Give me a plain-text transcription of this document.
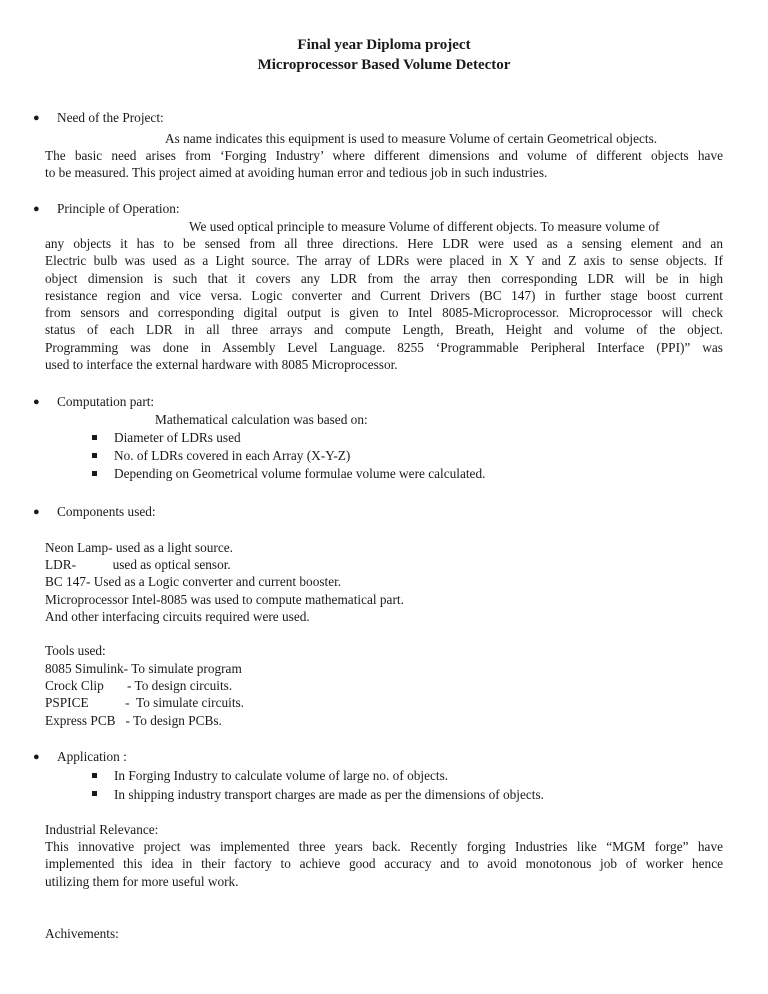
Final year Diploma project
Microprocessor Based Volume Detector
● Need of the Project:
As name indicates this equipment is used to measure Volume of certain Geometrical objects.
The basic need arises from ‘Forging Industry’ where different dimensions and volume of different objects have
to be measured. This project aimed at avoiding human error and tedious job in such industries.
● Principle of Operation:
We used optical principle to measure Volume of different objects. To measure volume of
any objects it has to be sensed from all three directions. Here LDR were used as a sensing element and an
Electric bulb was used as a Light source. The array of LDRs were placed in X Y and Z axis to sense objects. If
object dimension is such that it covers any LDR from the array then corresponding LDR will be in high
resistance region and vice versa. Logic converter and Current Drivers (BC 147) in further stage boost current
from sensors and corresponding digital output is given to Intel 8085-Microprocessor. Microprocessor will check
status of each LDR in all three arrays and compute Length, Breath, Height and volume of the object.
Programming was done in Assembly Level Language. 8255 ‘Programmable Peripheral Interface (PPI)” was
used to interface the external hardware with 8085 Microprocessor.
● Computation part:
Mathematical calculation was based on:
Diameter of LDRs used
No. of LDRs covered in each Array (X-Y-Z)
Depending on Geometrical volume formulae volume were calculated.
● Components used:
Neon Lamp- used as a light source.
LDR-           used as optical sensor.
BC 147- Used as a Logic converter and current booster.
Microprocessor Intel-8085 was used to compute mathematical part.
And other interfacing circuits required were used.
Tools used:
8085 Simulink- To simulate program
Crock Clip       - To design circuits.
PSPICE           -  To simulate circuits.
Express PCB   - To design PCBs.
● Application :
In Forging Industry to calculate volume of large no. of objects.
In shipping industry transport charges are made as per the dimensions of objects.
Industrial Relevance:
This innovative project was implemented three years back. Recently forging Industries like “MGM forge” have
implemented this idea in their factory to achieve good accuracy and to avoid monotonous job of worker hence
utilizing them for more useful work.
Achivements:
